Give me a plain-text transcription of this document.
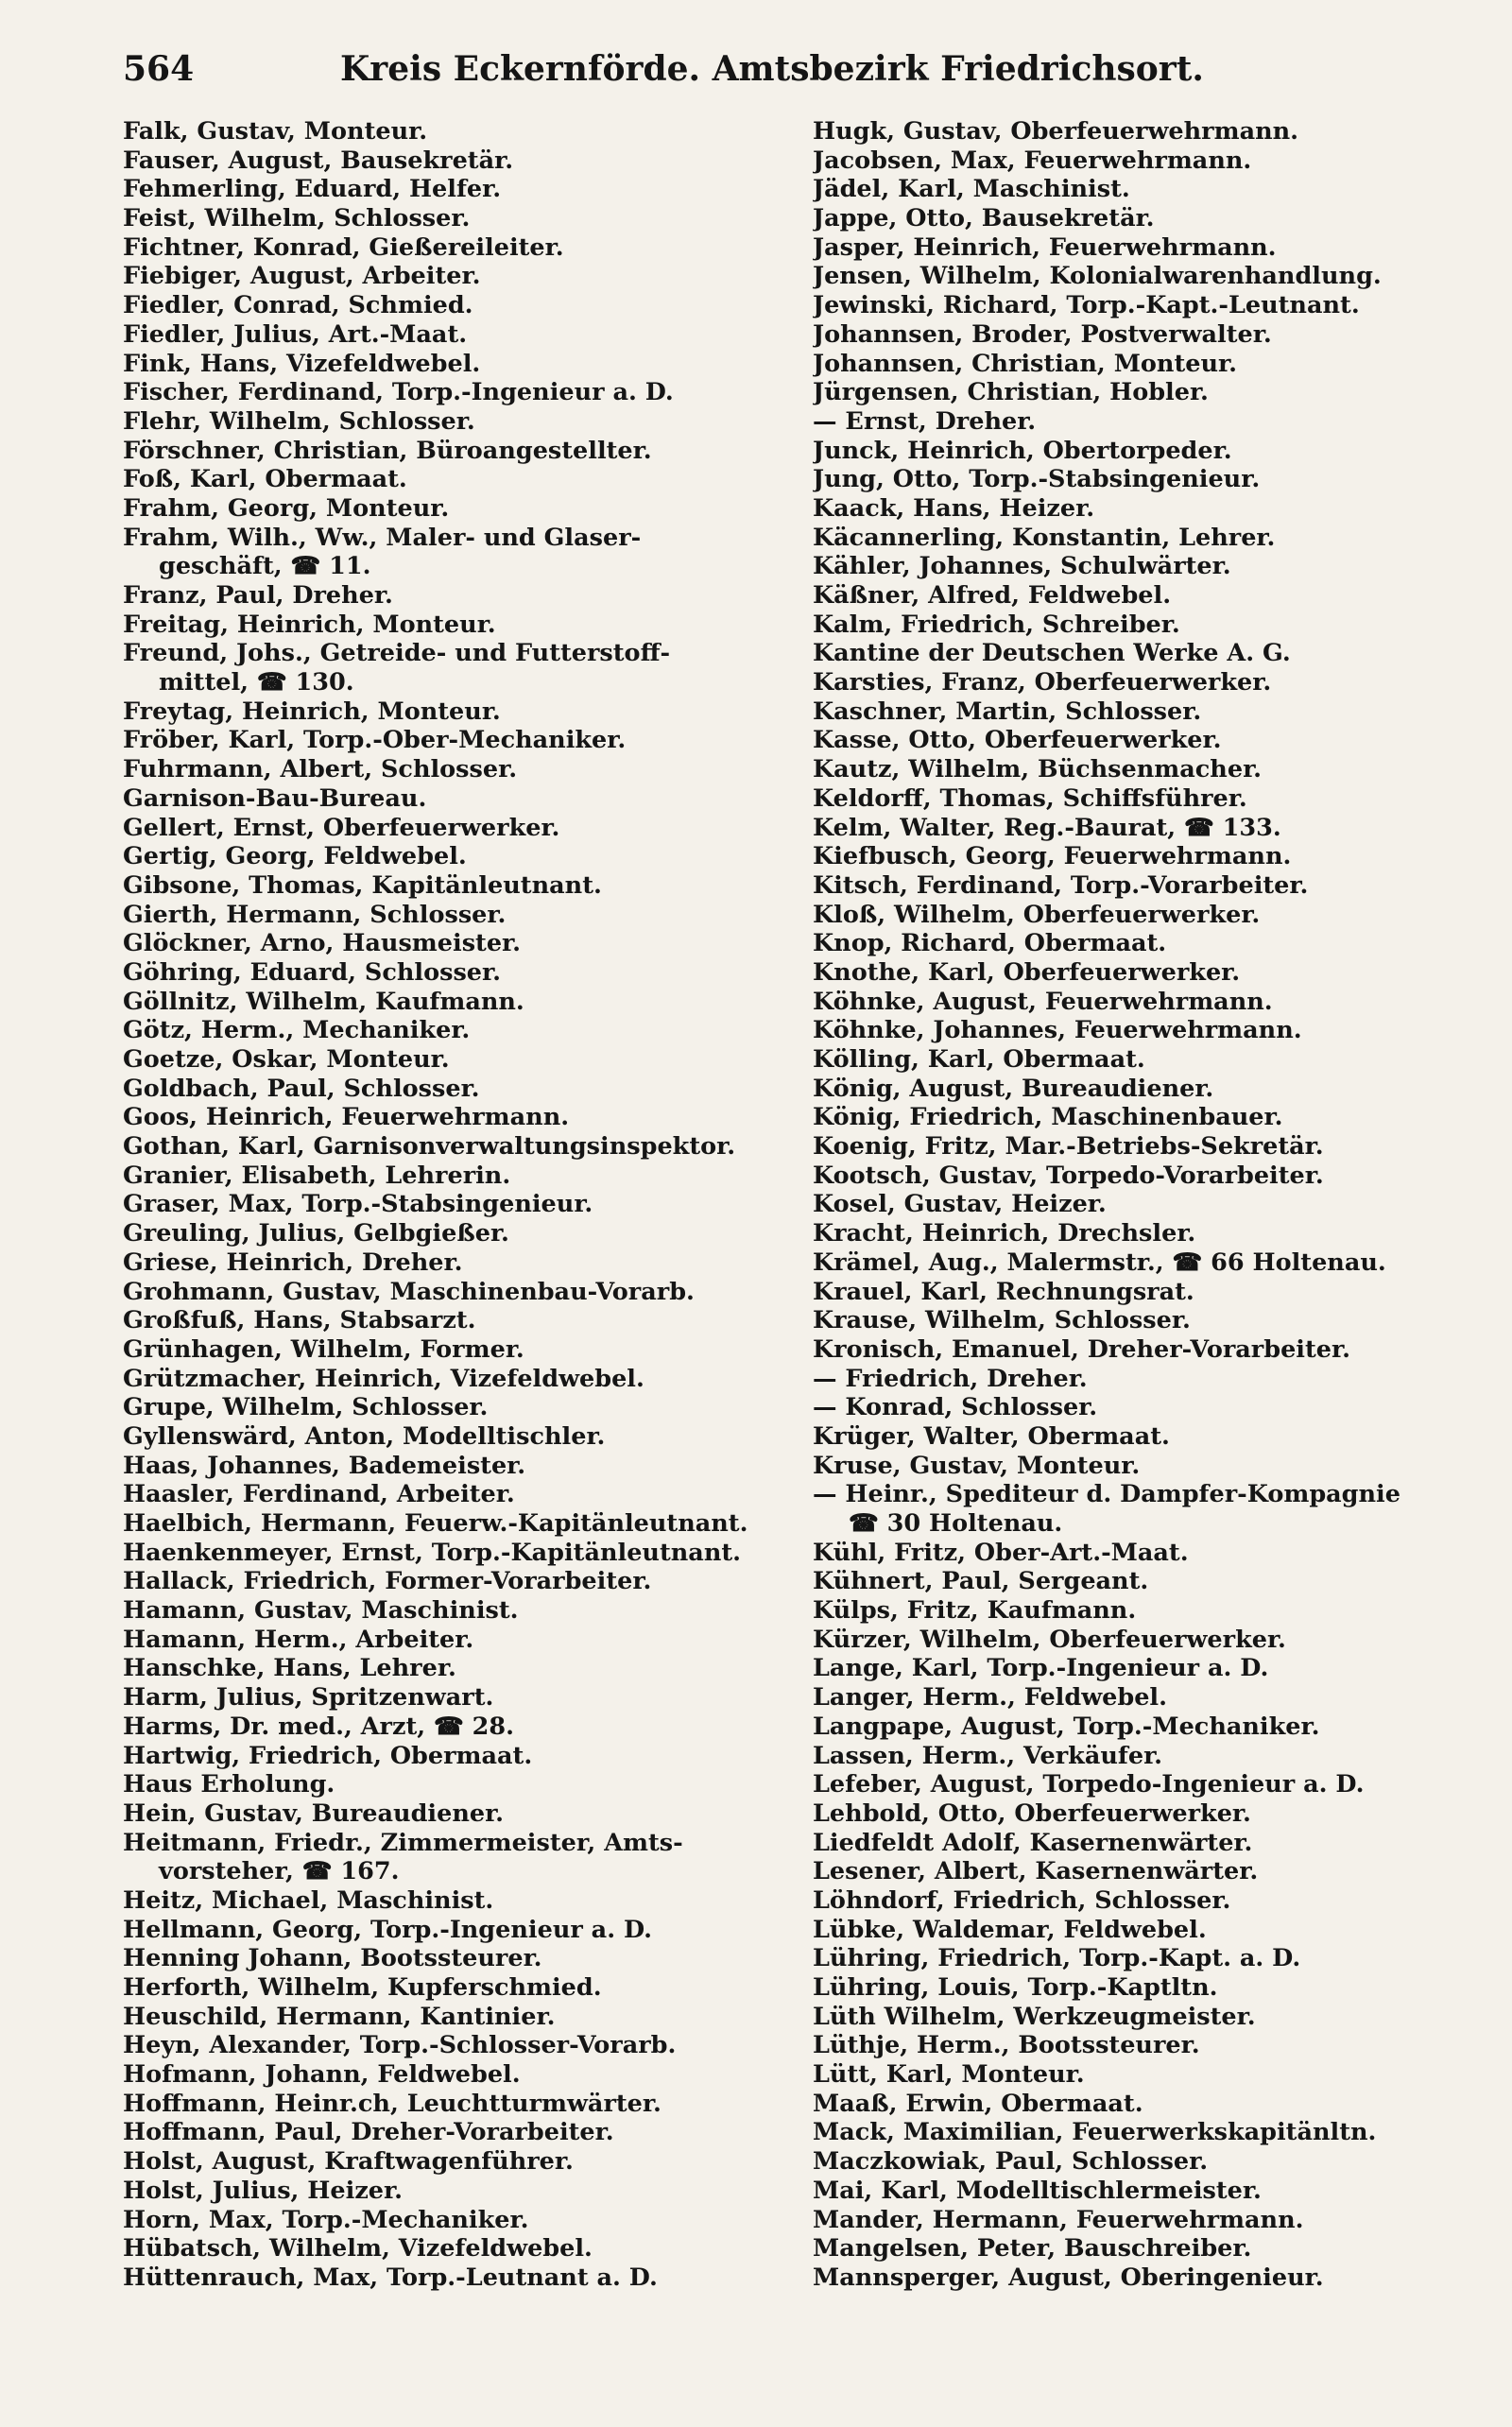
564	Kreis Eckernförde. Amtsbezirk Friedrichsort.
Falk, Gustav, Monteur.
Fauser, August, Bausekretär.
Fehmerling, Eduard, Helfer.
Feist, Wilhelm, Schlosser.
Fichtner, Konrad, Gießereileiter.
Fiebiger, August, Arbeiter.
Fiedler, Conrad, Schmied.
Fiedler, Julius, Art.-Maat.
Fink, Hans, Vizefeldwebel.
Fischer, Ferdinand, Torp.-Ingenieur a. D.
Flehr, Wilhelm, Schlosser.
Förschner, Christian, Büroangestellter.
Foß, Karl, Obermaat.
Frahm, Georg, Monteur.
Frahm, Wilh., Ww., Maler- und Glaser-
geschäft, ☎ 11.
Franz, Paul, Dreher.
Freitag, Heinrich, Monteur.
Freund, Johs., Getreide- und Futterstoff-
mittel, ☎ 130.
Freytag, Heinrich, Monteur.
Fröber, Karl, Torp.-Ober-Mechaniker.
Fuhrmann, Albert, Schlosser.
Garnison-Bau-Bureau.
Gellert, Ernst, Oberfeuerwerker.
Gertig, Georg, Feldwebel.
Gibsone, Thomas, Kapitänleutnant.
Gierth, Hermann, Schlosser.
Glöckner, Arno, Hausmeister.
Göhring, Eduard, Schlosser.
Göllnitz, Wilhelm, Kaufmann.
Götz, Herm., Mechaniker.
Goetze, Oskar, Monteur.
Goldbach, Paul, Schlosser.
Goos, Heinrich, Feuerwehrmann.
Gothan, Karl, Garnisonverwaltungsinspektor.
Granier, Elisabeth, Lehrerin.
Graser, Max, Torp.-Stabsingenieur.
Greuling, Julius, Gelbgießer.
Griese, Heinrich, Dreher.
Grohmann, Gustav, Maschinenbau-Vorarb.
Großfuß, Hans, Stabsarzt.
Grünhagen, Wilhelm, Former.
Grützmacher, Heinrich, Vizefeldwebel.
Grupe, Wilhelm, Schlosser.
Gyllenswärd, Anton, Modelltischler.
Haas, Johannes, Bademeister.
Haasler, Ferdinand, Arbeiter.
Haelbich, Hermann, Feuerw.-Kapitänleutnant.
Haenkenmeyer, Ernst, Torp.-Kapitänleutnant.
Hallack, Friedrich, Former-Vorarbeiter.
Hamann, Gustav, Maschinist.
Hamann, Herm., Arbeiter.
Hanschke, Hans, Lehrer.
Harm, Julius, Spritzenwart.
Harms, Dr. med., Arzt, ☎ 28.
Hartwig, Friedrich, Obermaat.
Haus Erholung.
Hein, Gustav, Bureaudiener.
Heitmann, Friedr., Zimmermeister, Amts-
vorsteher, ☎ 167.
Heitz, Michael, Maschinist.
Hellmann, Georg, Torp.-Ingenieur a. D.
Henning Johann, Bootssteurer.
Herforth, Wilhelm, Kupferschmied.
Heuschild, Hermann, Kantinier.
Heyn, Alexander, Torp.-Schlosser-Vorarb.
Hofmann, Johann, Feldwebel.
Hoffmann, Heinr.ch, Leuchtturmwärter.
Hoffmann, Paul, Dreher-Vorarbeiter.
Holst, August, Kraftwagenführer.
Holst, Julius, Heizer.
Horn, Max, Torp.-Mechaniker.
Hübatsch, Wilhelm, Vizefeldwebel.
Hüttenrauch, Max, Torp.-Leutnant a. D.
Hugk, Gustav, Oberfeuerwehrmann.
Jacobsen, Max, Feuerwehrmann.
Jädel, Karl, Maschinist.
Jappe, Otto, Bausekretär.
Jasper, Heinrich, Feuerwehrmann.
Jensen, Wilhelm, Kolonialwarenhandlung.
Jewinski, Richard, Torp.-Kapt.-Leutnant.
Johannsen, Broder, Postverwalter.
Johannsen, Christian, Monteur.
Jürgensen, Christian, Hobler.
— Ernst, Dreher.
Junck, Heinrich, Obertorpeder.
Jung, Otto, Torp.-Stabsingenieur.
Kaack, Hans, Heizer.
Käcannerling, Konstantin, Lehrer.
Kähler, Johannes, Schulwärter.
Käßner, Alfred, Feldwebel.
Kalm, Friedrich, Schreiber.
Kantine der Deutschen Werke A. G.
Karsties, Franz, Oberfeuerwerker.
Kaschner, Martin, Schlosser.
Kasse, Otto, Oberfeuerwerker.
Kautz, Wilhelm, Büchsenmacher.
Keldorff, Thomas, Schiffsführer.
Kelm, Walter, Reg.-Baurat, ☎ 133.
Kiefbusch, Georg, Feuerwehrmann.
Kitsch, Ferdinand, Torp.-Vorarbeiter.
Kloß, Wilhelm, Oberfeuerwerker.
Knop, Richard, Obermaat.
Knothe, Karl, Oberfeuerwerker.
Köhnke, August, Feuerwehrmann.
Köhnke, Johannes, Feuerwehrmann.
Kölling, Karl, Obermaat.
König, August, Bureaudiener.
König, Friedrich, Maschinenbauer.
Koenig, Fritz, Mar.-Betriebs-Sekretär.
Kootsch, Gustav, Torpedo-Vorarbeiter.
Kosel, Gustav, Heizer.
Kracht, Heinrich, Drechsler.
Krämel, Aug., Malermstr., ☎ 66 Holtenau.
Krauel, Karl, Rechnungsrat.
Krause, Wilhelm, Schlosser.
Kronisch, Emanuel, Dreher-Vorarbeiter.
— Friedrich, Dreher.
— Konrad, Schlosser.
Krüger, Walter, Obermaat.
Kruse, Gustav, Monteur.
— Heinr., Spediteur d. Dampfer-Kompagnie
☎ 30 Holtenau.
Kühl, Fritz, Ober-Art.-Maat.
Kühnert, Paul, Sergeant.
Külps, Fritz, Kaufmann.
Kürzer, Wilhelm, Oberfeuerwerker.
Lange, Karl, Torp.-Ingenieur a. D.
Langer, Herm., Feldwebel.
Langpape, August, Torp.-Mechaniker.
Lassen, Herm., Verkäufer.
Lefeber, August, Torpedo-Ingenieur a. D.
Lehbold, Otto, Oberfeuerwerker.
Liedfeldt Adolf, Kasernenwärter.
Lesener, Albert, Kasernenwärter.
Löhndorf, Friedrich, Schlosser.
Lübke, Waldemar, Feldwebel.
Lühring, Friedrich, Torp.-Kapt. a. D.
Lühring, Louis, Torp.-Kaptltn.
Lüth Wilhelm, Werkzeugmeister.
Lüthje, Herm., Bootssteurer.
Lütt, Karl, Monteur.
Maaß, Erwin, Obermaat.
Mack, Maximilian, Feuerwerkskapitänltn.
Maczkowiak, Paul, Schlosser.
Mai, Karl, Modelltischlermeister.
Mander, Hermann, Feuerwehrmann.
Mangelsen, Peter, Bauschreiber.
Mannsperger, August, Oberingenieur.
